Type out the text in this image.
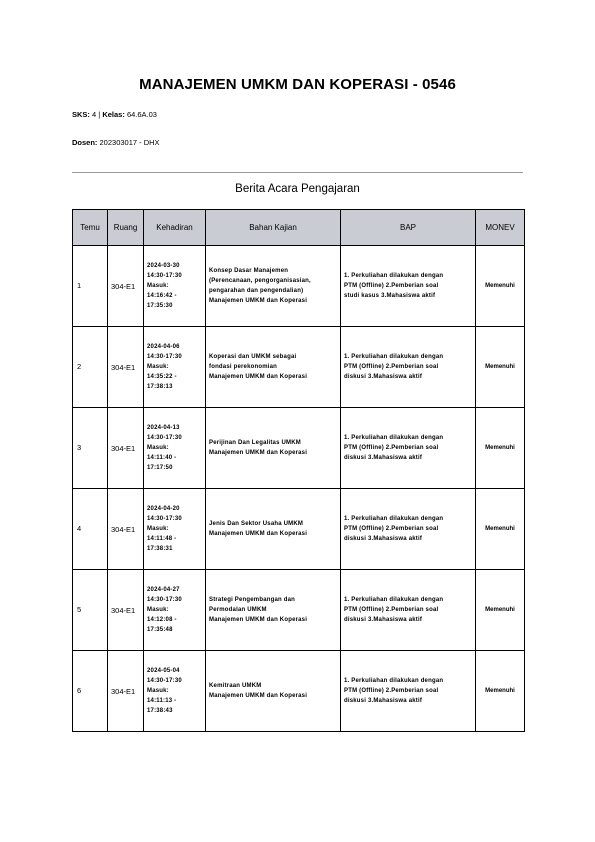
MANAJEMEN UMKM DAN KOPERASI - 0546
SKS: 4 | Kelas: 64.6A.03
Dosen: 202303017 - DHX
Berita Acara Pengajaran
Temu	Ruang	Kehadiran	Bahan Kajian	BAP	MONEV
1	304-E1	2024-03-30
14:30-17:30
Masuk:
14:16:42 -
17:35:30	Konsep Dasar Manajemen
(Perencanaan, pengorganisasian,
pengarahan dan pengendalian)
Manajemen UMKM dan Koperasi	1. Perkuliahan dilakukan dengan
PTM (Offline) 2.Pemberian soal
studi kasus 3.Mahasiswa aktif	Memenuhi
2	304-E1	2024-04-06
14:30-17:30
Masuk:
14:35:22 -
17:38:13	Koperasi dan UMKM sebagai
fondasi perekonomian
Manajemen UMKM dan Koperasi	1. Perkuliahan dilakukan dengan
PTM (Offline) 2.Pemberian soal
diskusi 3.Mahasiswa aktif	Memenuhi
3	304-E1	2024-04-13
14:30-17:30
Masuk:
14:11:40 -
17:17:50	Perijinan Dan Legalitas UMKM
Manajemen UMKM dan Koperasi	1. Perkuliahan dilakukan dengan
PTM (Offline) 2.Pemberian soal
diskusi 3.Mahasiswa aktif	Memenuhi
4	304-E1	2024-04-20
14:30-17:30
Masuk:
14:11:48 -
17:38:31	Jenis Dan Sektor Usaha UMKM
Manajemen UMKM dan Koperasi	1. Perkuliahan dilakukan dengan
PTM (Offline) 2.Pemberian soal
diskusi 3.Mahasiswa aktif	Memenuhi
5	304-E1	2024-04-27
14:30-17:30
Masuk:
14:12:08 -
17:35:48	Strategi Pengembangan dan
Permodalan UMKM
Manajemen UMKM dan Koperasi	1. Perkuliahan dilakukan dengan
PTM (Offline) 2.Pemberian soal
diskusi 3.Mahasiswa aktif	Memenuhi
6	304-E1	2024-05-04
14:30-17:30
Masuk:
14:11:13 -
17:38:43	Kemitraan UMKM
Manajemen UMKM dan Koperasi	1. Perkuliahan dilakukan dengan
PTM (Offline) 2.Pemberian soal
diskusi 3.Mahasiswa aktif	Memenuhi
